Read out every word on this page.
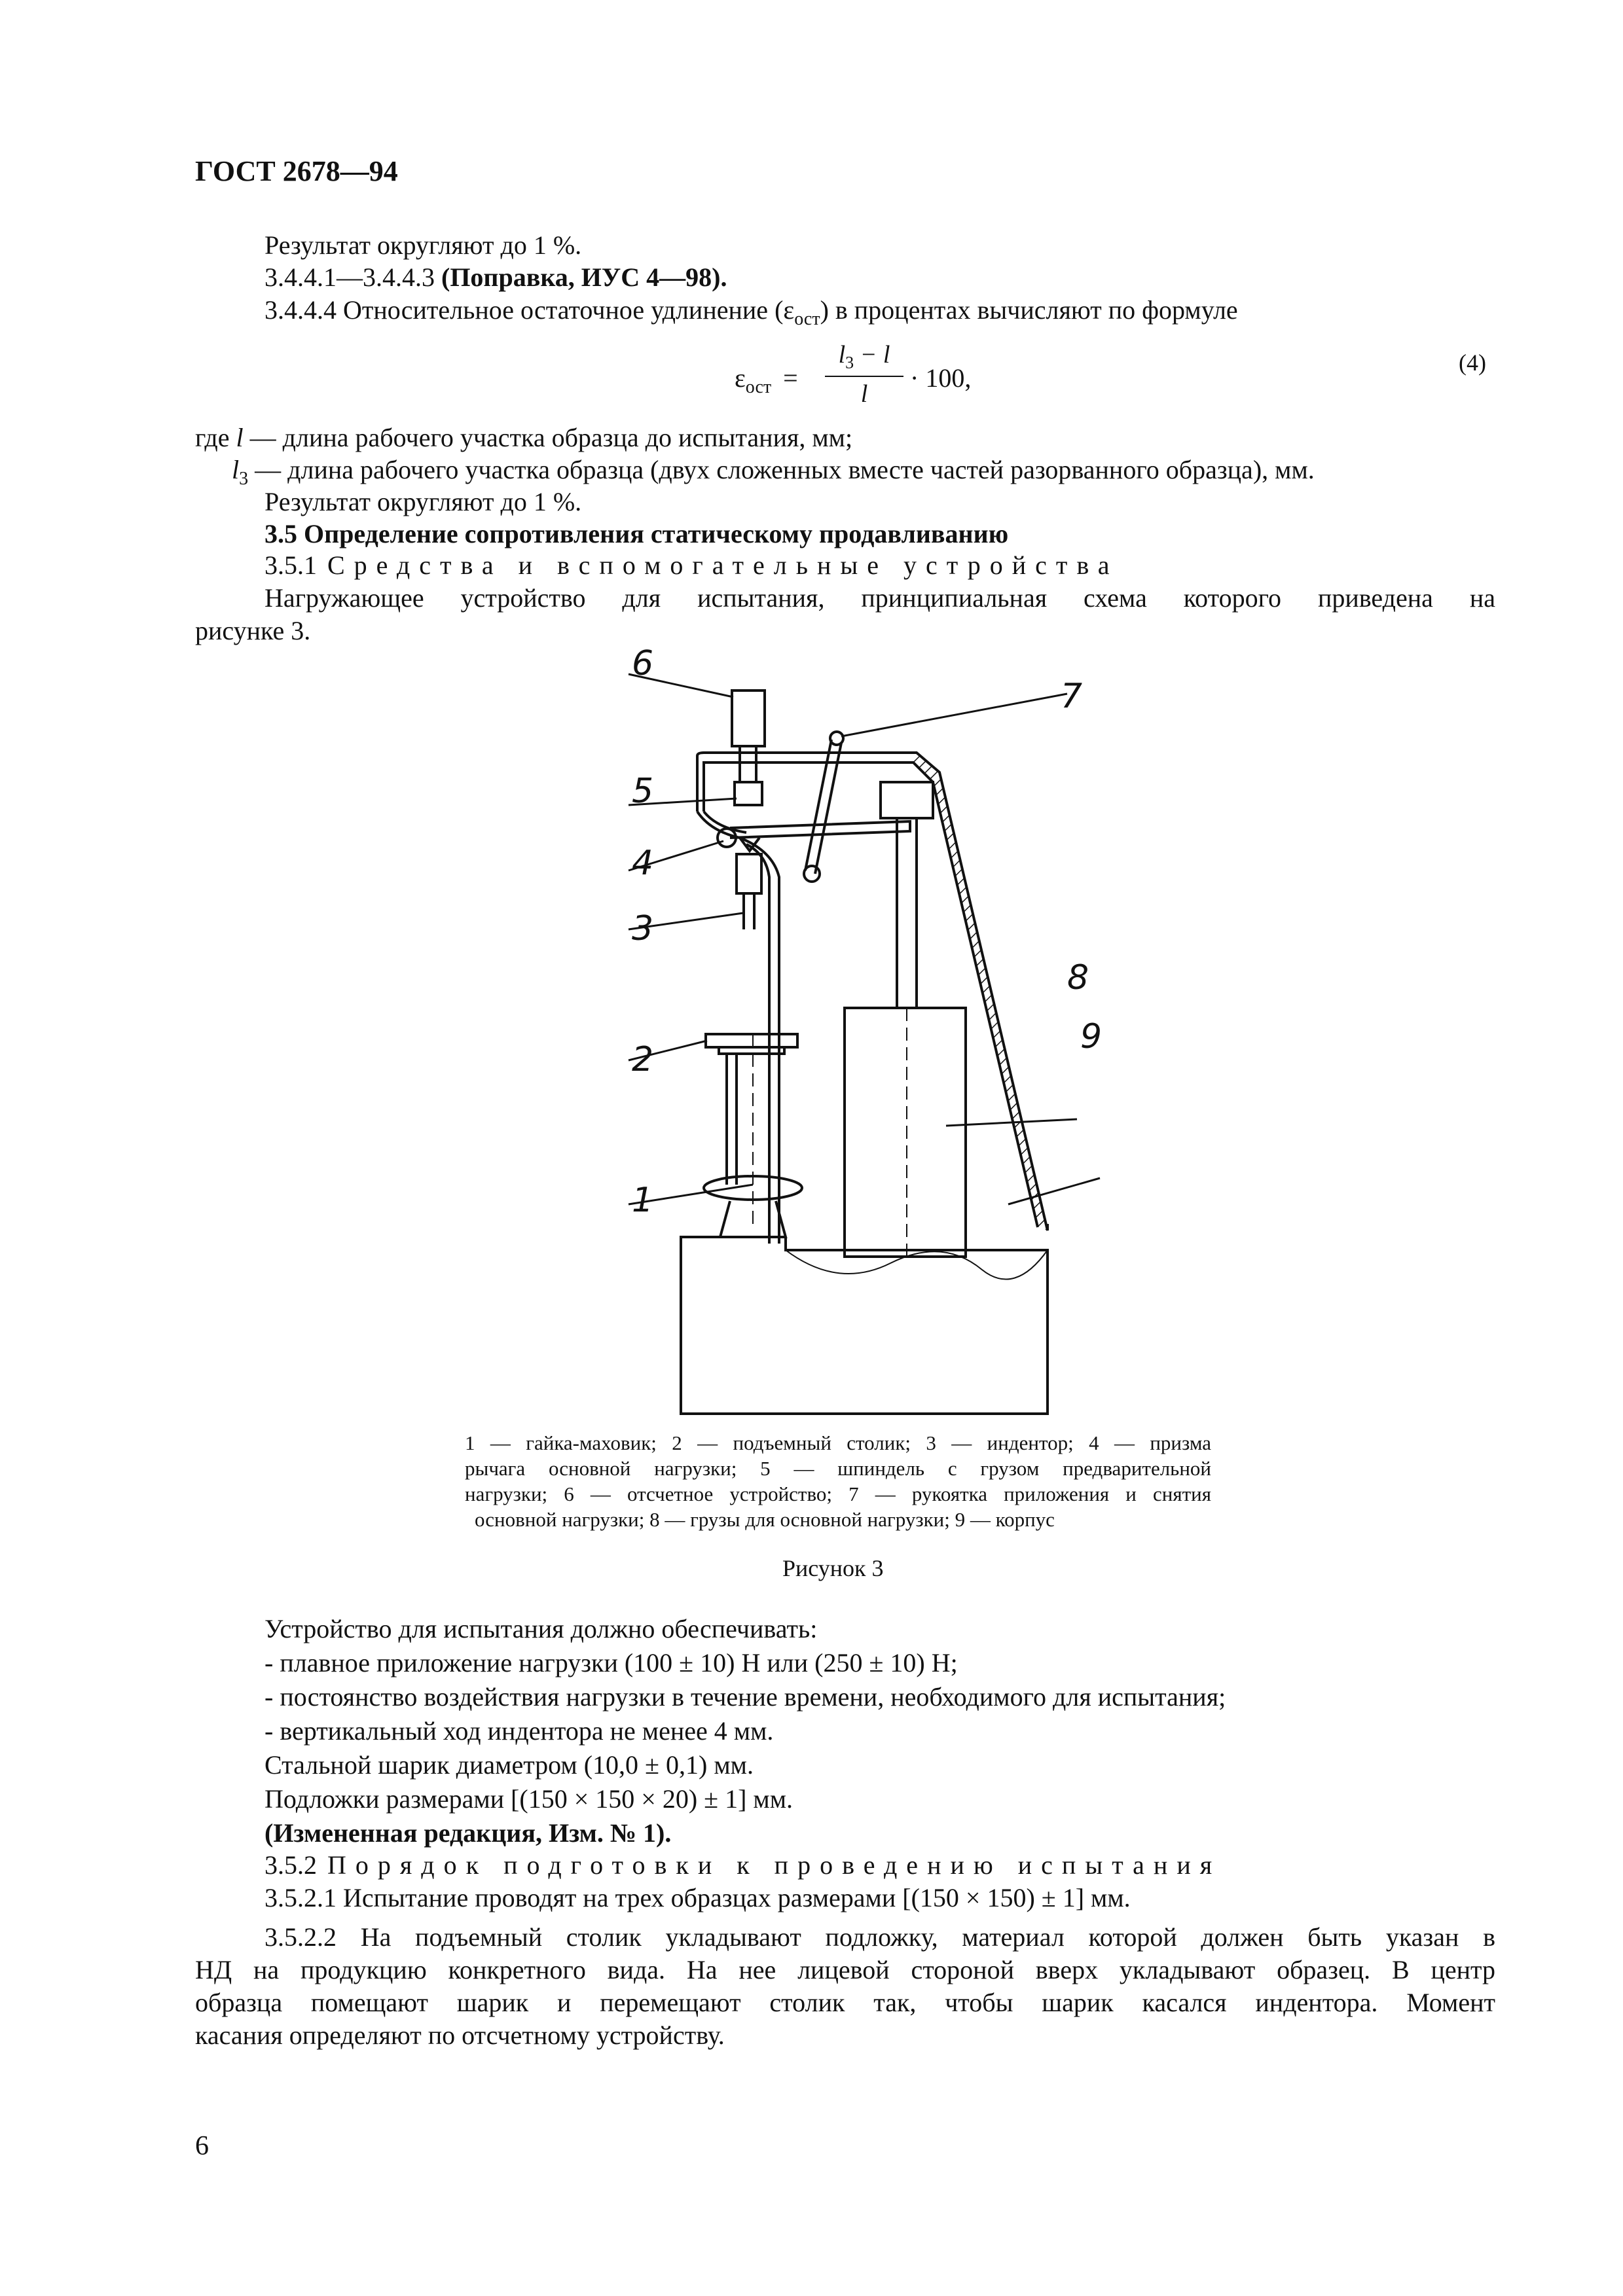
ГОСТ 2678—94
Результат округляют до 1 %.
3.4.4.1—3.4.4.3 (Поправка, ИУС 4—98).
3.4.4.4 Относительное остаточное удлинение $(\varepsilon_{ост})$ в процентах вычисляют по формуле
$\varepsilon_{ост}$ =
$l_3 - l$
l
· 100,
(4)
где l — длина рабочего участка образца до испытания, мм;
$l_3$ — длина рабочего участка образца (двух сложенных вместе частей разорванного образца), мм.
Результат округляют до 1 %.
3.5 Определение сопротивления статическому продавливанию
3.5.1 Средства и вспомогательные устройства
Нагружающее устройство для испытания, принципиальная схема которого приведена на
рисунке 3.
6
5
4
3
2
1
7
8
9
1 — гайка-маховик; 2 — подъемный столик; 3 — индентор; 4 — призма
рычага основной нагрузки; 5 — шпиндель с грузом предварительной
нагрузки; 6 — отсчетное устройство; 7 — рукоятка приложения и снятия
основной нагрузки; 8 — грузы для основной нагрузки; 9 — корпус
Рисунок 3
Устройство для испытания должно обеспечивать:
- плавное приложение нагрузки (100 ± 10) Н или (250 ± 10) Н;
- постоянство воздействия нагрузки в течение времени, необходимого для испытания;
- вертикальный ход индентора не менее 4 мм.
Стальной шарик диаметром (10,0 ± 0,1) мм.
Подложки размерами [(150 × 150 × 20) ± 1] мм.
(Измененная редакция, Изм. № 1).
3.5.2 Порядок подготовки к проведению испытания
3.5.2.1 Испытание проводят на трех образцах размерами [(150 × 150) ± 1] мм.
3.5.2.2 На подъемный столик укладывают подложку, материал которой должен быть указан в
НД на продукцию конкретного вида. На нее лицевой стороной вверх укладывают образец. В центр
образца помещают шарик и перемещают столик так, чтобы шарик касался индентора. Момент
касания определяют по отсчетному устройству.
6
